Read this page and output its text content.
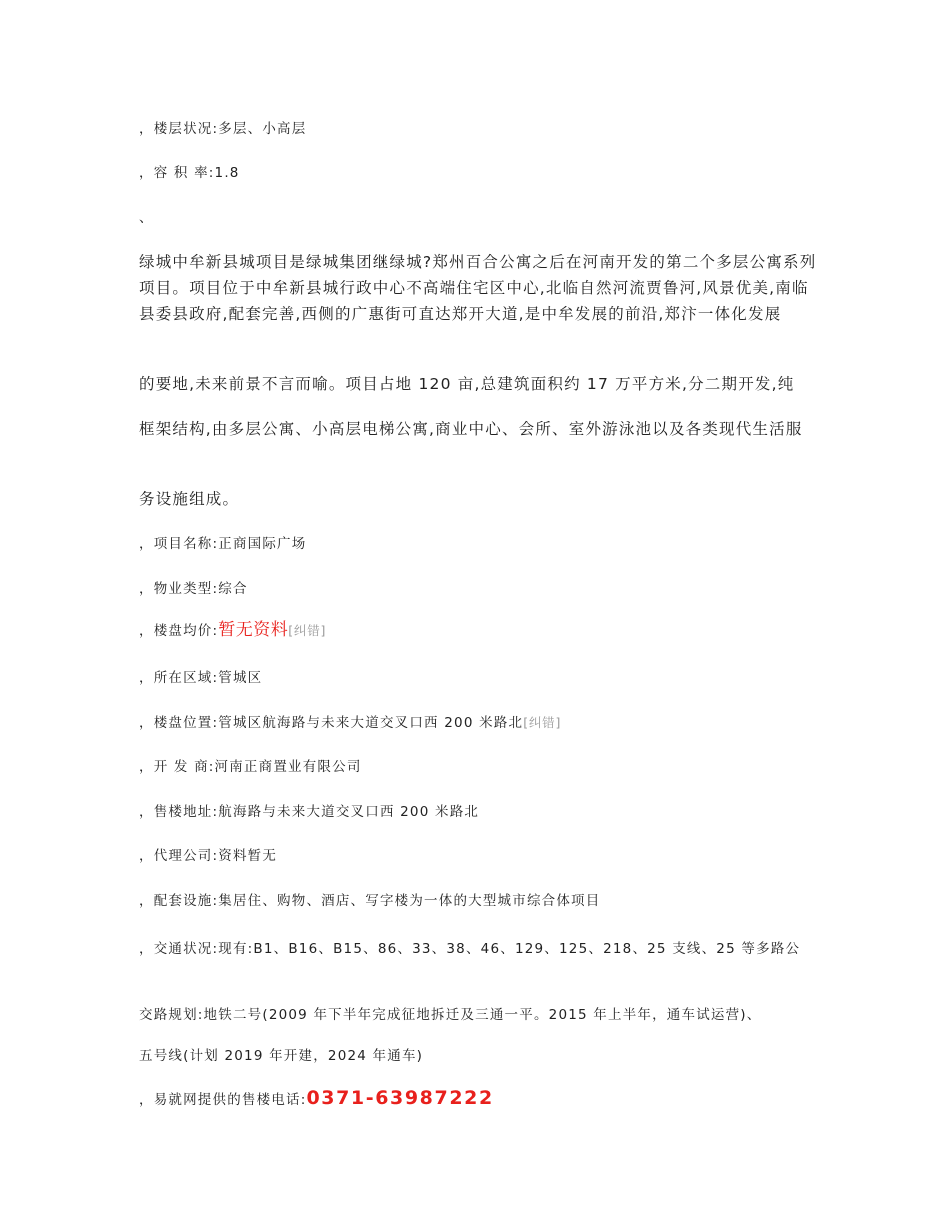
，楼层状况:多层、小高层
，容 积 率:1.8
、
绿城中牟新县城项目是绿城集团继绿城?郑州百合公寓之后在河南开发的第二个多层公寓系列项目。项目位于中牟新县城行政中心不高端住宅区中心,北临自然河流贾鲁河,风景优美,南临县委县政府,配套完善,西侧的广惠街可直达郑开大道,是中牟发展的前沿,郑汴一体化发展
的要地,未来前景不言而喻。项目占地 120 亩,总建筑面积约 17 万平方米,分二期开发,纯
框架结构,由多层公寓、小高层电梯公寓,商业中心、会所、室外游泳池以及各类现代生活服
务设施组成。
，项目名称:正商国际广场
，物业类型:综合
，楼盘均价:暂无资料[纠错]
，所在区域:管城区
，楼盘位置:管城区航海路与未来大道交叉口西 200 米路北[纠错]
，开 发 商:河南正商置业有限公司
，售楼地址:航海路与未来大道交叉口西 200 米路北
，代理公司:资料暂无
，配套设施:集居住、购物、酒店、写字楼为一体的大型城市综合体项目
，交通状况:现有:B1、B16、B15、86、33、38、46、129、125、218、25 支线、25 等多路公
交路规划:地铁二号(2009 年下半年完成征地拆迁及三通一平。2015 年上半年，通车试运营)、
五号线(计划 2019 年开建，2024 年通车)
，易就网提供的售楼电话:0371-63987222
